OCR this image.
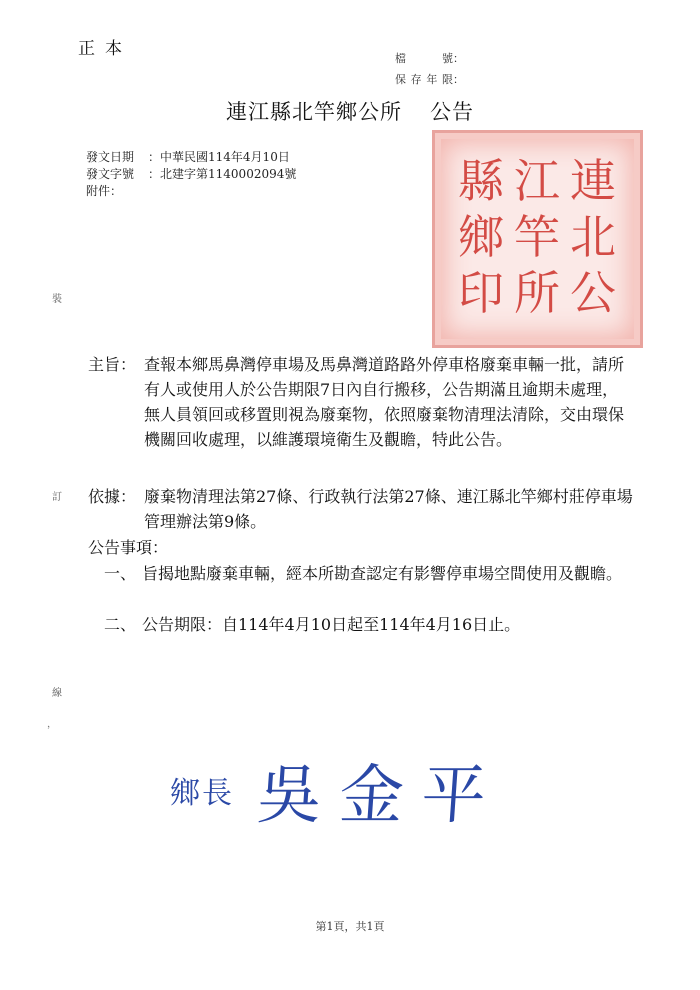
正本	檔　號：
保存年限：
連江縣北竿鄉公所 公告
發文日期 ：中華民國114年4月10日
發文字號 ：北建字第1140002094號
附件：	縣 江 連
鄉 竿 北
印 所 公
裝
訂
線
，
主旨： 查報本鄉馬鼻灣停車場及馬鼻灣道路路外停車格廢棄車輛一批，請所有人或使用人於公告期限7日內自行搬移，公告期滿且逾期未處理，無人員領回或移置則視為廢棄物，依照廢棄物清理法清除，交由環保機關回收處理，以維護環境衛生及觀瞻，特此公告。
依據： 廢棄物清理法第27條、行政執行法第27條、連江縣北竿鄉村莊停車場管理辦法第9條。
公告事項：
一、 旨揭地點廢棄車輛，經本所勘查認定有影響停車場空間使用及觀瞻。
二、 公告期限：自114年4月10日起至114年4月16日止。
鄉長 吳金平
第1頁，共1頁
